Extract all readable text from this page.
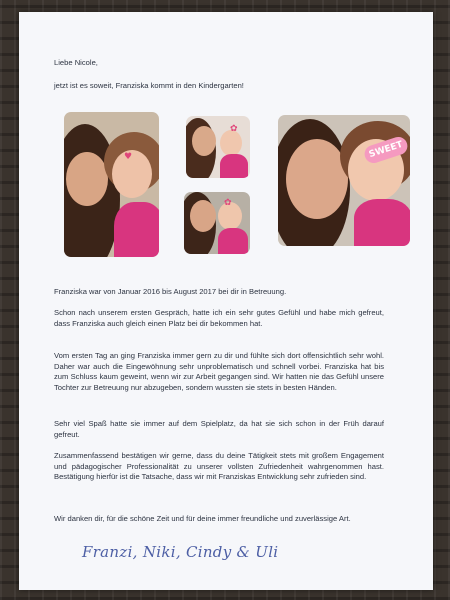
Liebe Nicole,

jetzt ist es soweit, Franziska kommt in den Kindergarten!

♥
✿
✿
SWEET

Franziska war von Januar 2016 bis August 2017 bei dir in Betreuung.

Schon nach unserem ersten Gespräch, hatte ich ein sehr gutes Gefühl und habe mich gefreut, dass Franziska auch gleich einen Platz bei dir bekommen hat.

Vom ersten Tag an ging Franziska immer gern zu dir und fühlte sich dort offensichtlich sehr wohl. Daher war auch die Eingewöhnung sehr unproblematisch und schnell vorbei. Franziska hat bis zum Schluss kaum geweint, wenn wir zur Arbeit gegangen sind. Wir hatten nie das Gefühl unsere Tochter zur Betreuung nur abzugeben, sondern wussten sie stets in besten Händen.

Sehr viel Spaß hatte sie immer auf dem Spielplatz, da hat sie sich schon in der Früh darauf gefreut.

Zusammenfassend bestätigen wir gerne, dass du deine Tätigkeit stets mit großem Engagement und pädagogischer Professionalität zu unserer vollsten Zufriedenheit wahrgenommen hast. Bestätigung hierfür ist die Tatsache, dass wir mit Franziskas Entwicklung sehr zufrieden sind.

Wir danken dir, für die schöne Zeit und für deine immer freundliche und zuverlässige Art.

Franzi, Niki, Cindy & Uli
